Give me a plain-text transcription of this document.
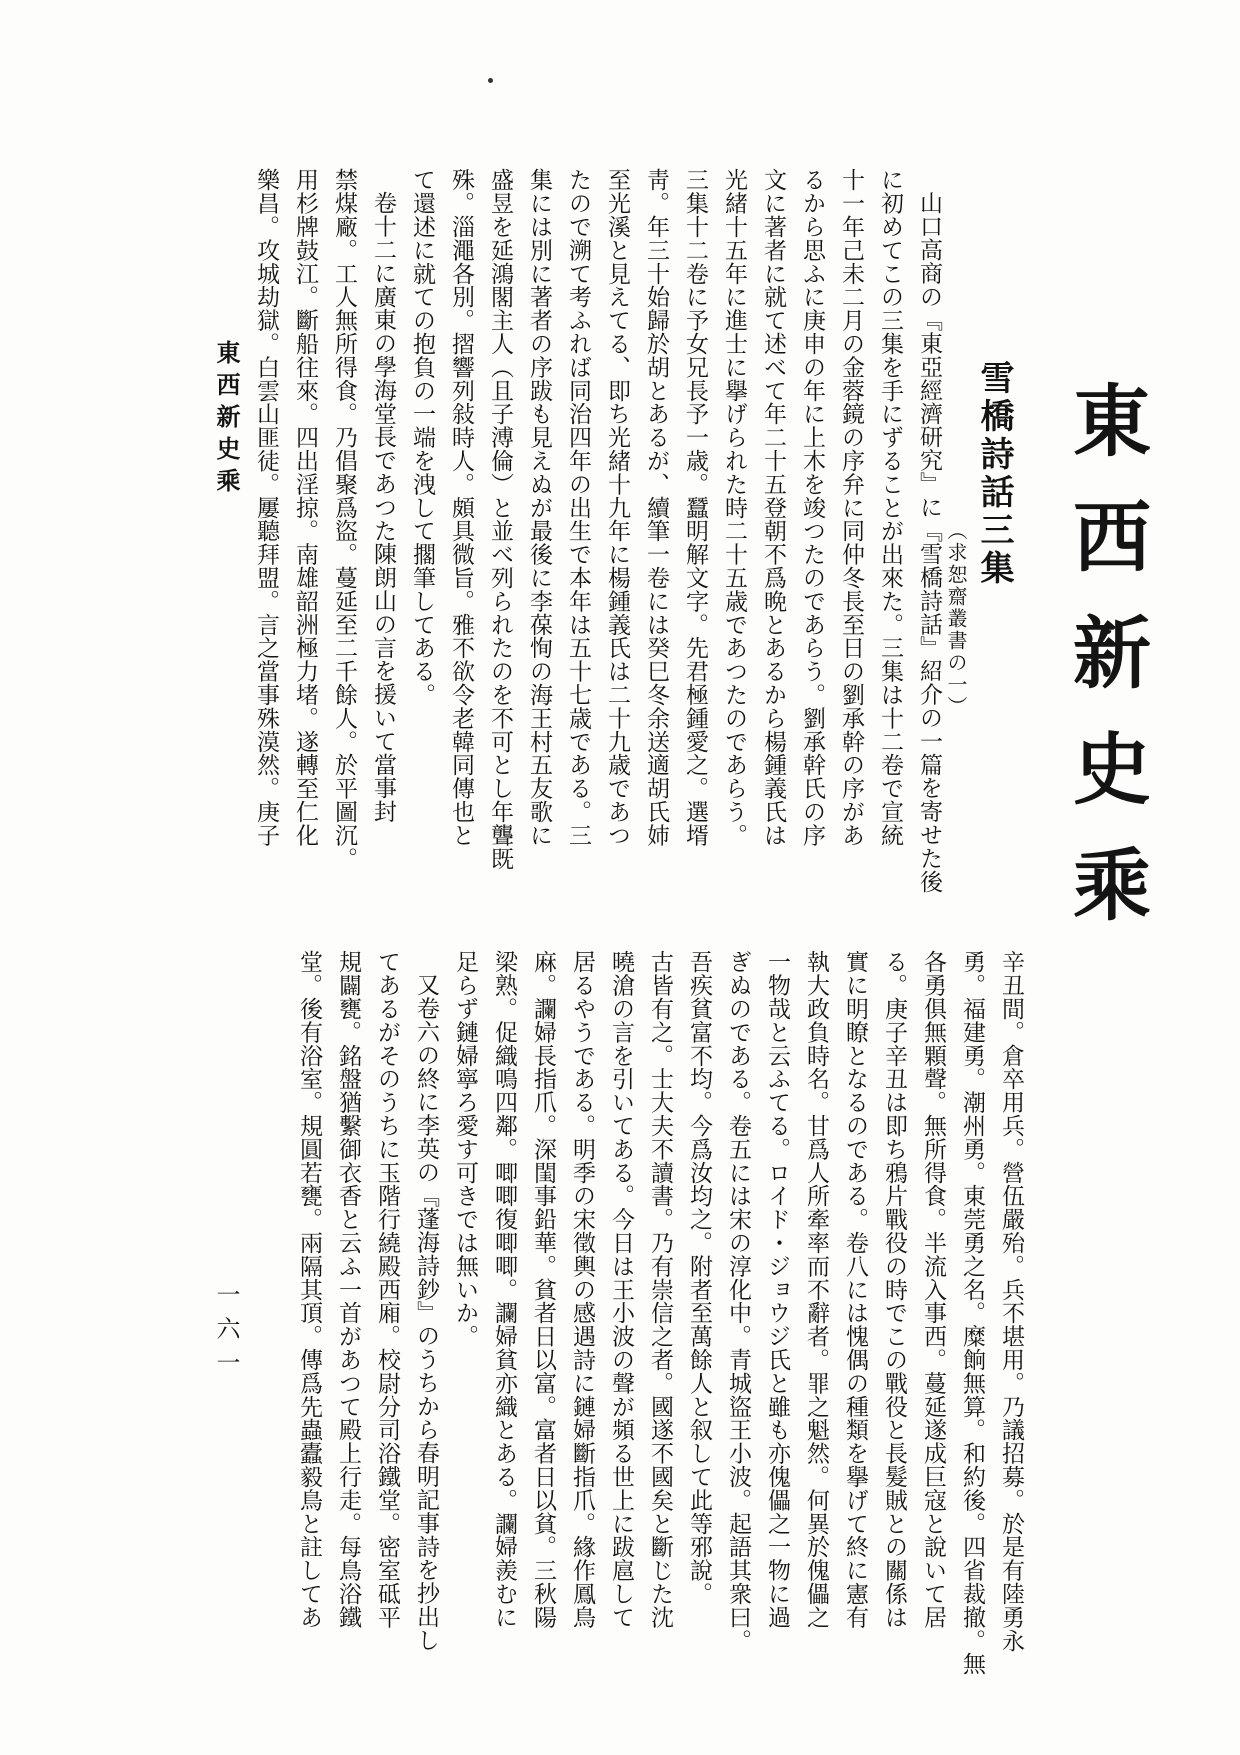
東西新史乘
雪橋詩話三集
（求恕齋叢書の一）
山口高商の『東亞經濟研究』に『雪橋詩話』紹介の一篇を寄せた後
に初めてこの三集を手にずることが出來た。三集は十二卷で宣統
十一年己未二月の金蓉鏡の序弁に同仲冬長至日の劉承幹の序があ
るから思ふに庚申の年に上木を竣つたのであらう。劉承幹氏の序
文に著者に就て述べて年二十五登朝不爲晩とあるから楊鍾義氏は
光緒十五年に進士に擧げられた時二十五歳であつたのであらう。
三集十二卷に予女兄長予一歳。蠶明解文字。先君極鍾愛之。選壻
靑。年三十始歸於胡とあるが、續筆一卷には癸巳冬余送適胡氏姉
至光溪と見えてる、即ち光緒十九年に楊鍾義氏は二十九歳であつ
たので溯て考ふれば同治四年の出生で本年は五十七歳である。三
集には別に著者の序跋も見えぬが最後に李葆恂の海王村五友歌に
盛昱を延鴻閣主人（且子溥倫）と並べ列られたのを不可とし年聾既
殊。淄澠各別。摺響列敍時人。頗具微旨。雅不欲令老韓同傳也と
て還述に就ての抱負の一端を洩して擱筆してある。
卷十二に廣東の學海堂長であつた陳朗山の言を援いて當事封
禁煤廠。工人無所得食。乃倡聚爲盜。蔓延至二千餘人。於平圖沉。
用杉牌鼓江。斷船往來。四出淫掠。南雄韶洲極力堵。遂轉至仁化
樂昌。攻城劫獄。白雲山匪徒。屢聽拜盟。言之當事殊漠然。庚子
辛丑間。倉卒用兵。營伍嚴殆。兵不堪用。乃議招募。於是有陸勇永
勇。福建勇。潮州勇。東莞勇之名。糜餉無算。和約後。四省裁撤。無
各勇俱無顆聲。無所得食。半流入事西。蔓延遂成巨寇と說いて居
る。庚子辛丑は即ち鴉片戰役の時でこの戰役と長髮賊との關係は
實に明瞭となるのである。卷八には愧偶の種類を擧げて終に憲有
執大政負時名。甘爲人所牽率而不辭者。罪之魁然。何異於傀儡之
一物哉と云ふてる。ロイド・ジョウジ氏と雖も亦傀儡之一物に過
ぎぬのである。卷五には宋の淳化中。青城盜王小波。起語其衆曰。
吾疾貧富不均。今爲汝均之。附者至萬餘人と叙して此等邪說。
古皆有之。士大夫不讀書。乃有崇信之者。國遂不國矣と斷じた沈
曉滄の言を引いてある。今日は王小波の聲が頻る世上に跋扈して
居るやうである。明季の宋徵輿の感遇詩に鏈婦斷指爪。緣作鳳鳥
麻。讕婦長指爪。深閨事鉛華。貧者日以富。富者日以貧。三秋陽
梁熟。促織鳴四鄰。唧唧復唧唧。讕婦貧亦織とある。讕婦羨むに
足らず鏈婦寧ろ愛す可きでは無いか。
又卷六の終に李英の『蓬海詩鈔』のうちから春明記事詩を抄出し
てあるがそのうちに玉階行繞殿西廂。校尉分司浴鐵堂。密室砥平
規闢甕。銘盤猶繫御衣香と云ふ一首があつて殿上行走。每鳥浴鐵
堂。後有浴室。規圓若甕。兩隔其頂。傳爲先蟲蠹毅鳥と註してあ
東西新史乘
一六一
